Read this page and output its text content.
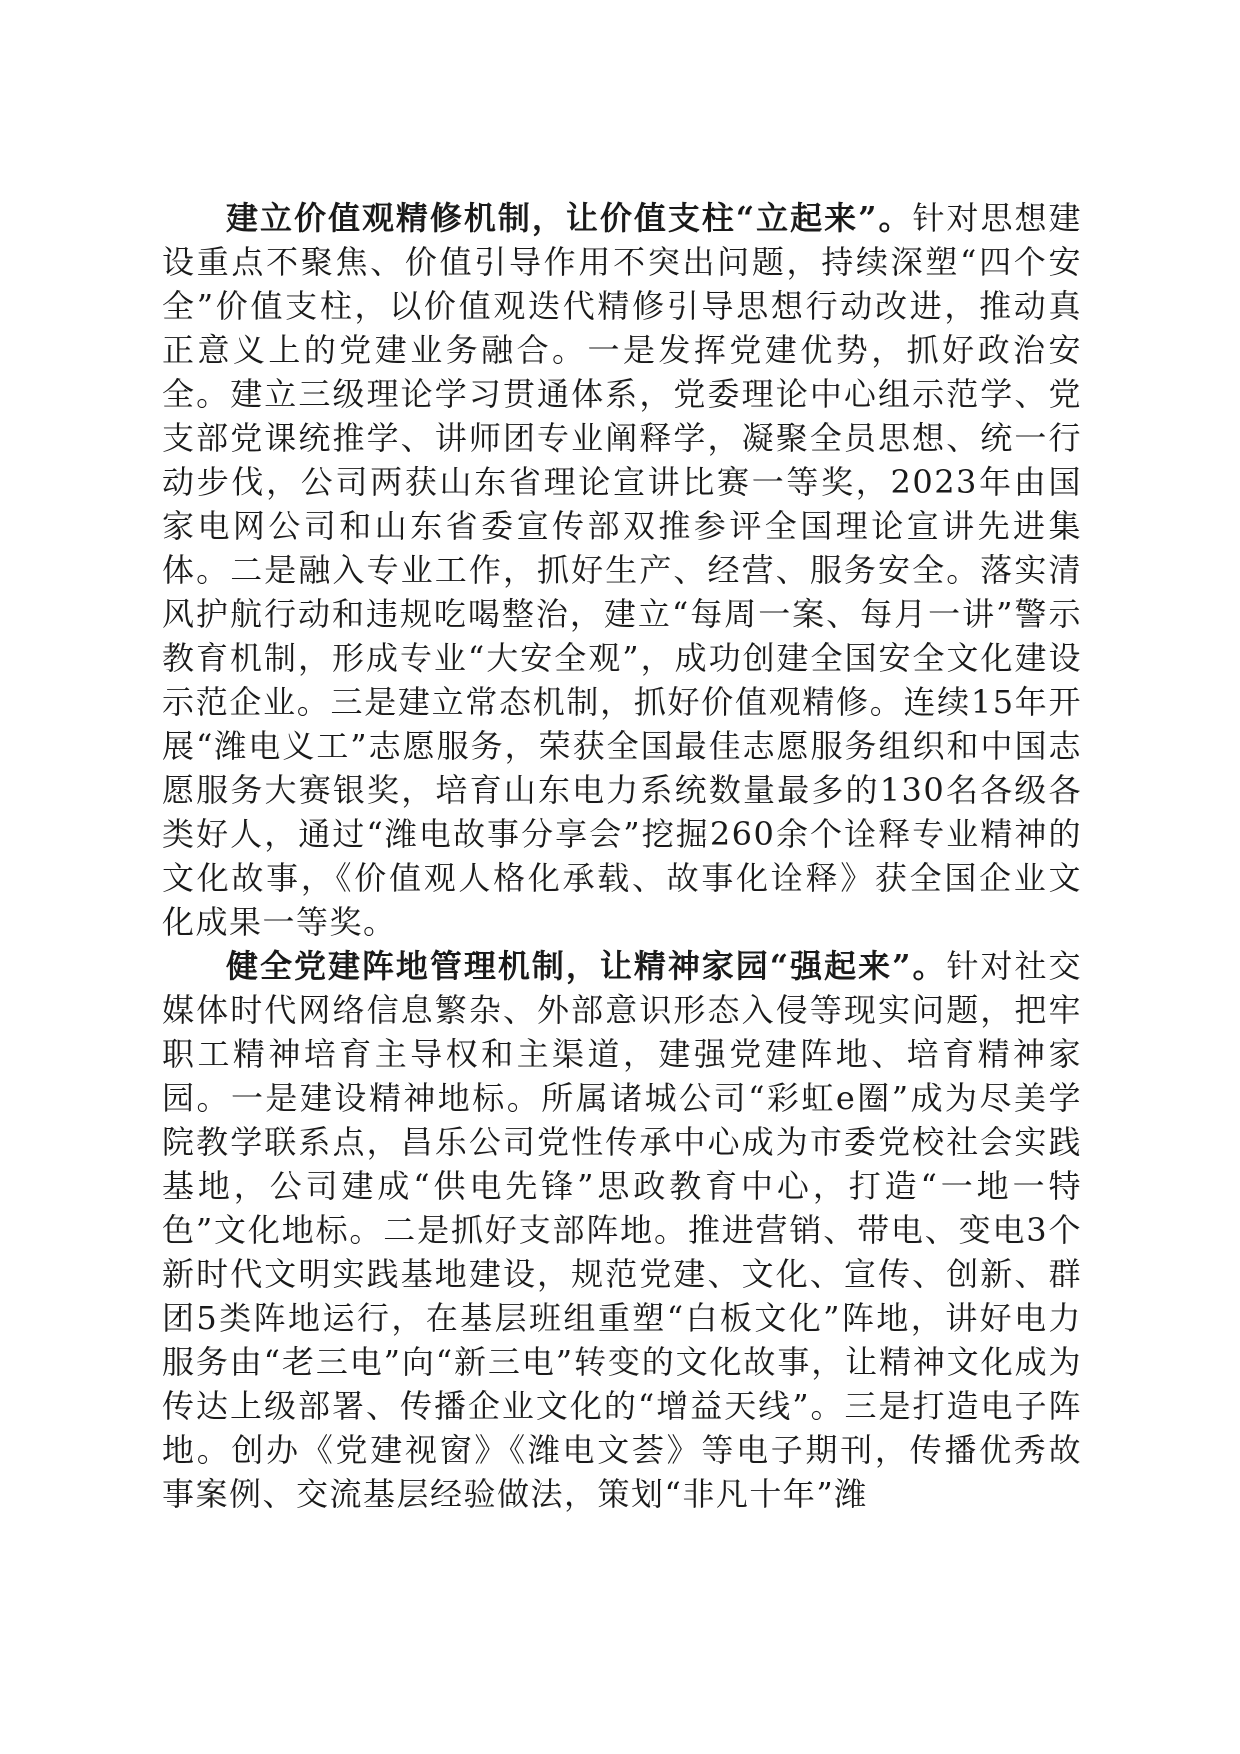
建立价值观精修机制，让价值支柱“立起来”。针对思想建设重点不聚焦、价值引导作用不突出问题，持续深塑“四个安全”价值支柱，以价值观迭代精修引导思想行动改进，推动真正意义上的党建业务融合。一是发挥党建优势，抓好政治安全。建立三级理论学习贯通体系，党委理论中心组示范学、党支部党课统推学、讲师团专业阐释学，凝聚全员思想、统一行动步伐，公司两获山东省理论宣讲比赛一等奖，2023年由国家电网公司和山东省委宣传部双推参评全国理论宣讲先进集体。二是融入专业工作，抓好生产、经营、服务安全。落实清风护航行动和违规吃喝整治，建立“每周一案、每月一讲”警示教育机制，形成专业“大安全观”，成功创建全国安全文化建设示范企业。三是建立常态机制，抓好价值观精修。连续15年开展“潍电义工”志愿服务，荣获全国最佳志愿服务组织和中国志愿服务大赛银奖，培育山东电力系统数量最多的130名各级各类好人，通过“潍电故事分享会”挖掘260余个诠释专业精神的文化故事，《价值观人格化承载、故事化诠释》获全国企业文化成果一等奖。

健全党建阵地管理机制，让精神家园“强起来”。针对社交媒体时代网络信息繁杂、外部意识形态入侵等现实问题，把牢职工精神培育主导权和主渠道，建强党建阵地、培育精神家园。一是建设精神地标。所属诸城公司“彩虹e圈”成为尽美学院教学联系点，昌乐公司党性传承中心成为市委党校社会实践基地，公司建成“供电先锋”思政教育中心，打造“一地一特色”文化地标。二是抓好支部阵地。推进营销、带电、变电3个新时代文明实践基地建设，规范党建、文化、宣传、创新、群团5类阵地运行，在基层班组重塑“白板文化”阵地，讲好电力服务由“老三电”向“新三电”转变的文化故事，让精神文化成为传达上级部署、传播企业文化的“增益天线”。三是打造电子阵地。创办《党建视窗》《潍电文荟》等电子期刊，传播优秀故事案例、交流基层经验做法，策划“非凡十年”潍
